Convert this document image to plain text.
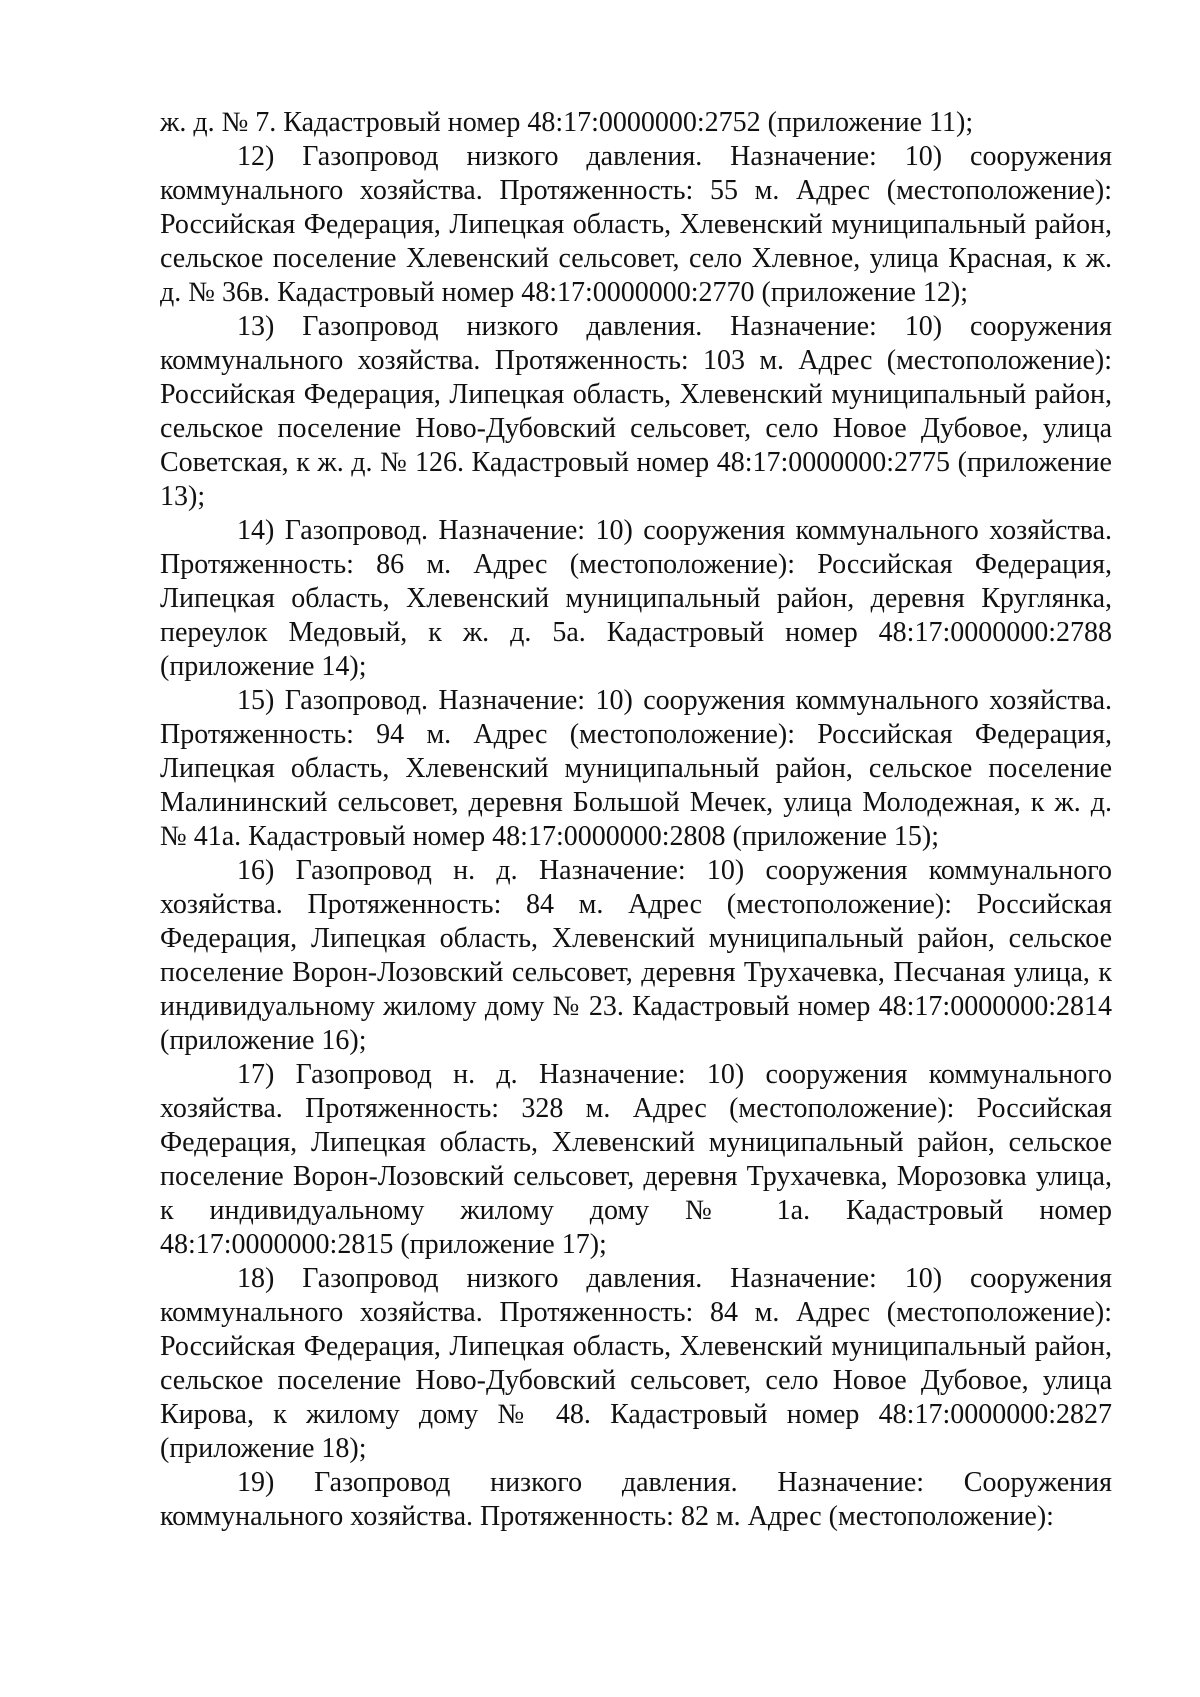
ж. д. № 7. Кадастровый номер 48:17:0000000:2752 (приложение 11);

12) Газопровод низкого давления. Назначение: 10) сооружения коммунального хозяйства. Протяженность: 55 м. Адрес (местоположение): Российская Федерация, Липецкая область, Хлевенский муниципальный район, сельское поселение Хлевенский сельсовет, село Хлевное, улица Красная, к ж. д. № 36в. Кадастровый номер 48:17:0000000:2770 (приложение 12);

13) Газопровод низкого давления. Назначение: 10) сооружения коммунального хозяйства. Протяженность: 103 м. Адрес (местоположение): Российская Федерация, Липецкая область, Хлевенский муниципальный район, сельское поселение Ново-Дубовский сельсовет, село Новое Дубовое, улица Советская, к ж. д. № 126. Кадастровый номер 48:17:0000000:2775 (приложение 13);

14) Газопровод. Назначение: 10) сооружения коммунального хозяйства. Протяженность: 86 м. Адрес (местоположение): Российская Федерация, Липецкая область, Хлевенский муниципальный район, деревня Круглянка, переулок Медовый, к ж. д. 5а. Кадастровый номер 48:17:0000000:2788 (приложение 14);

15) Газопровод. Назначение: 10) сооружения коммунального хозяйства. Протяженность: 94 м. Адрес (местоположение): Российская Федерация, Липецкая область, Хлевенский муниципальный район, сельское поселение Малининский сельсовет, деревня Большой Мечек, улица Молодежная, к ж. д. № 41а. Кадастровый номер 48:17:0000000:2808 (приложение 15);

16) Газопровод н. д. Назначение: 10) сооружения коммунального хозяйства. Протяженность: 84 м. Адрес (местоположение): Российская Федерация, Липецкая область, Хлевенский муниципальный район, сельское поселение Ворон-Лозовский сельсовет, деревня Трухачевка, Песчаная улица, к индивидуальному жилому дому № 23. Кадастровый номер 48:17:0000000:2814 (приложение 16);

17) Газопровод н. д. Назначение: 10) сооружения коммунального хозяйства. Протяженность: 328 м. Адрес (местоположение): Российская Федерация, Липецкая область, Хлевенский муниципальный район, сельское поселение Ворон-Лозовский сельсовет, деревня Трухачевка, Морозовка улица, к индивидуальному жилому дому № 1а. Кадастровый номер 48:17:0000000:2815 (приложение 17);

18) Газопровод низкого давления. Назначение: 10) сооружения коммунального хозяйства. Протяженность: 84 м. Адрес (местоположение): Российская Федерация, Липецкая область, Хлевенский муниципальный район, сельское поселение Ново-Дубовский сельсовет, село Новое Дубовое, улица Кирова, к жилому дому № 48. Кадастровый номер 48:17:0000000:2827 (приложение 18);

19) Газопровод низкого давления. Назначение: Сооружения коммунального хозяйства. Протяженность: 82 м. Адрес (местоположение):
